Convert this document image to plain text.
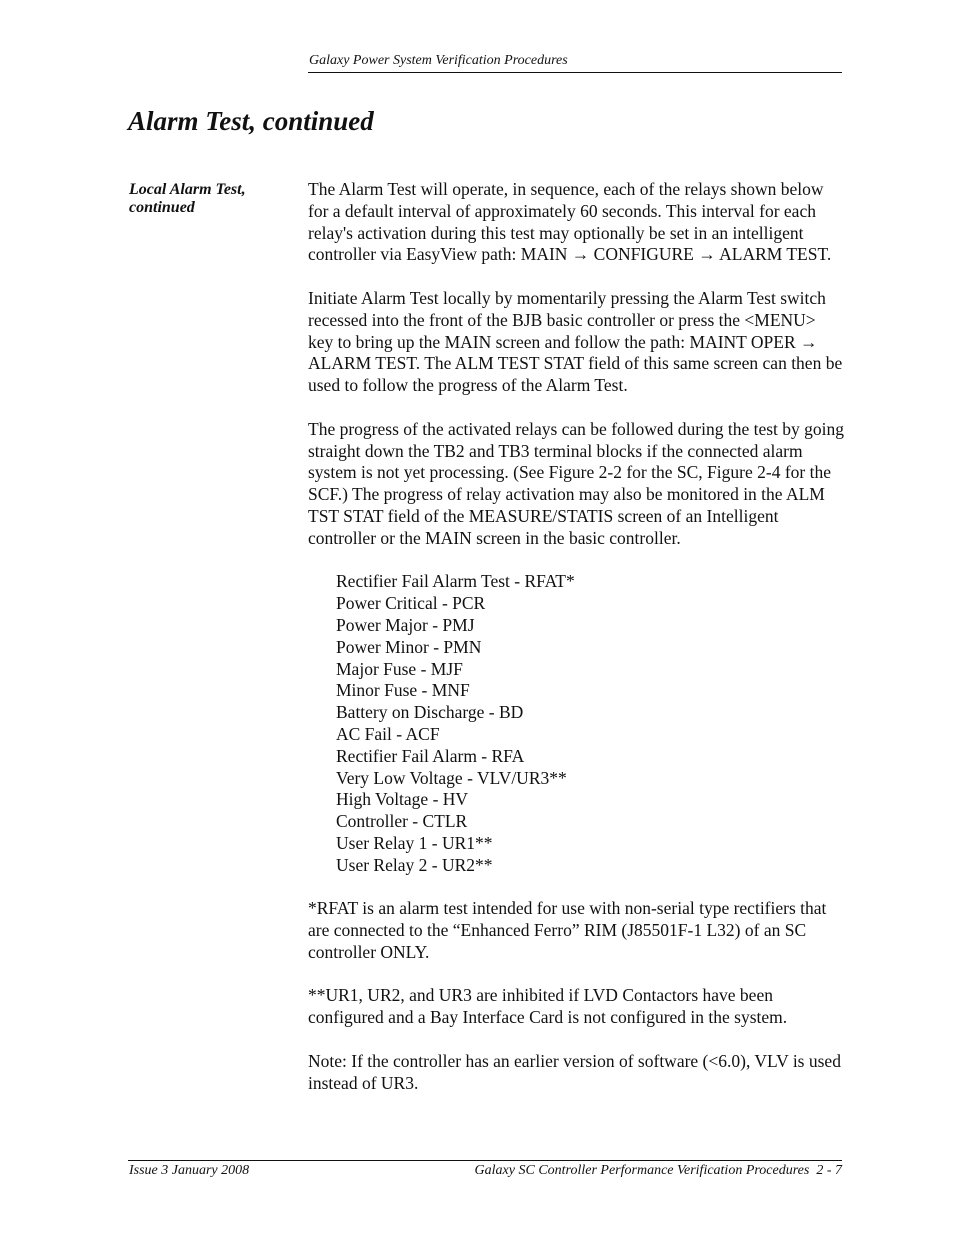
Galaxy Power System Verification Procedures
Alarm Test, continued
Local Alarm Test,
continued

The Alarm Test will operate, in sequence, each of the relays shown below for a default interval of approximately 60 seconds. This interval for each relay's activation during this test may optionally be set in an intelligent controller via EasyView path: MAIN → CONFIGURE → ALARM TEST.

Initiate Alarm Test locally by momentarily pressing the Alarm Test switch recessed into the front of the BJB basic controller or press the <MENU> key to bring up the MAIN screen and follow the path: MAINT OPER → ALARM TEST. The ALM TEST STAT field of this same screen can then be used to follow the progress of the Alarm Test.

The progress of the activated relays can be followed during the test by going straight down the TB2 and TB3 terminal blocks if the connected alarm system is not yet processing. (See Figure 2-2 for the SC, Figure 2-4 for the SCF.) The progress of relay activation may also be monitored in the ALM TST STAT field of the MEASURE/STATIS screen of an Intelligent controller or the MAIN screen in the basic controller.

Rectifier Fail Alarm Test - RFAT*
Power Critical - PCR
Power Major - PMJ
Power Minor - PMN
Major Fuse - MJF
Minor Fuse - MNF
Battery on Discharge - BD
AC Fail - ACF
Rectifier Fail Alarm - RFA
Very Low Voltage - VLV/UR3**
High Voltage - HV
Controller - CTLR
User Relay 1 - UR1**
User Relay 2 - UR2**

*RFAT is an alarm test intended for use with non-serial type rectifiers that are connected to the “Enhanced Ferro” RIM (J85501F-1 L32) of an SC controller ONLY.

**UR1, UR2, and UR3 are inhibited if LVD Contactors have been configured and a Bay Interface Card is not configured in the system.

Note: If the controller has an earlier version of software (<6.0), VLV is used instead of UR3.

Issue 3 January 2008	Galaxy SC Controller Performance Verification Procedures  2 - 7
